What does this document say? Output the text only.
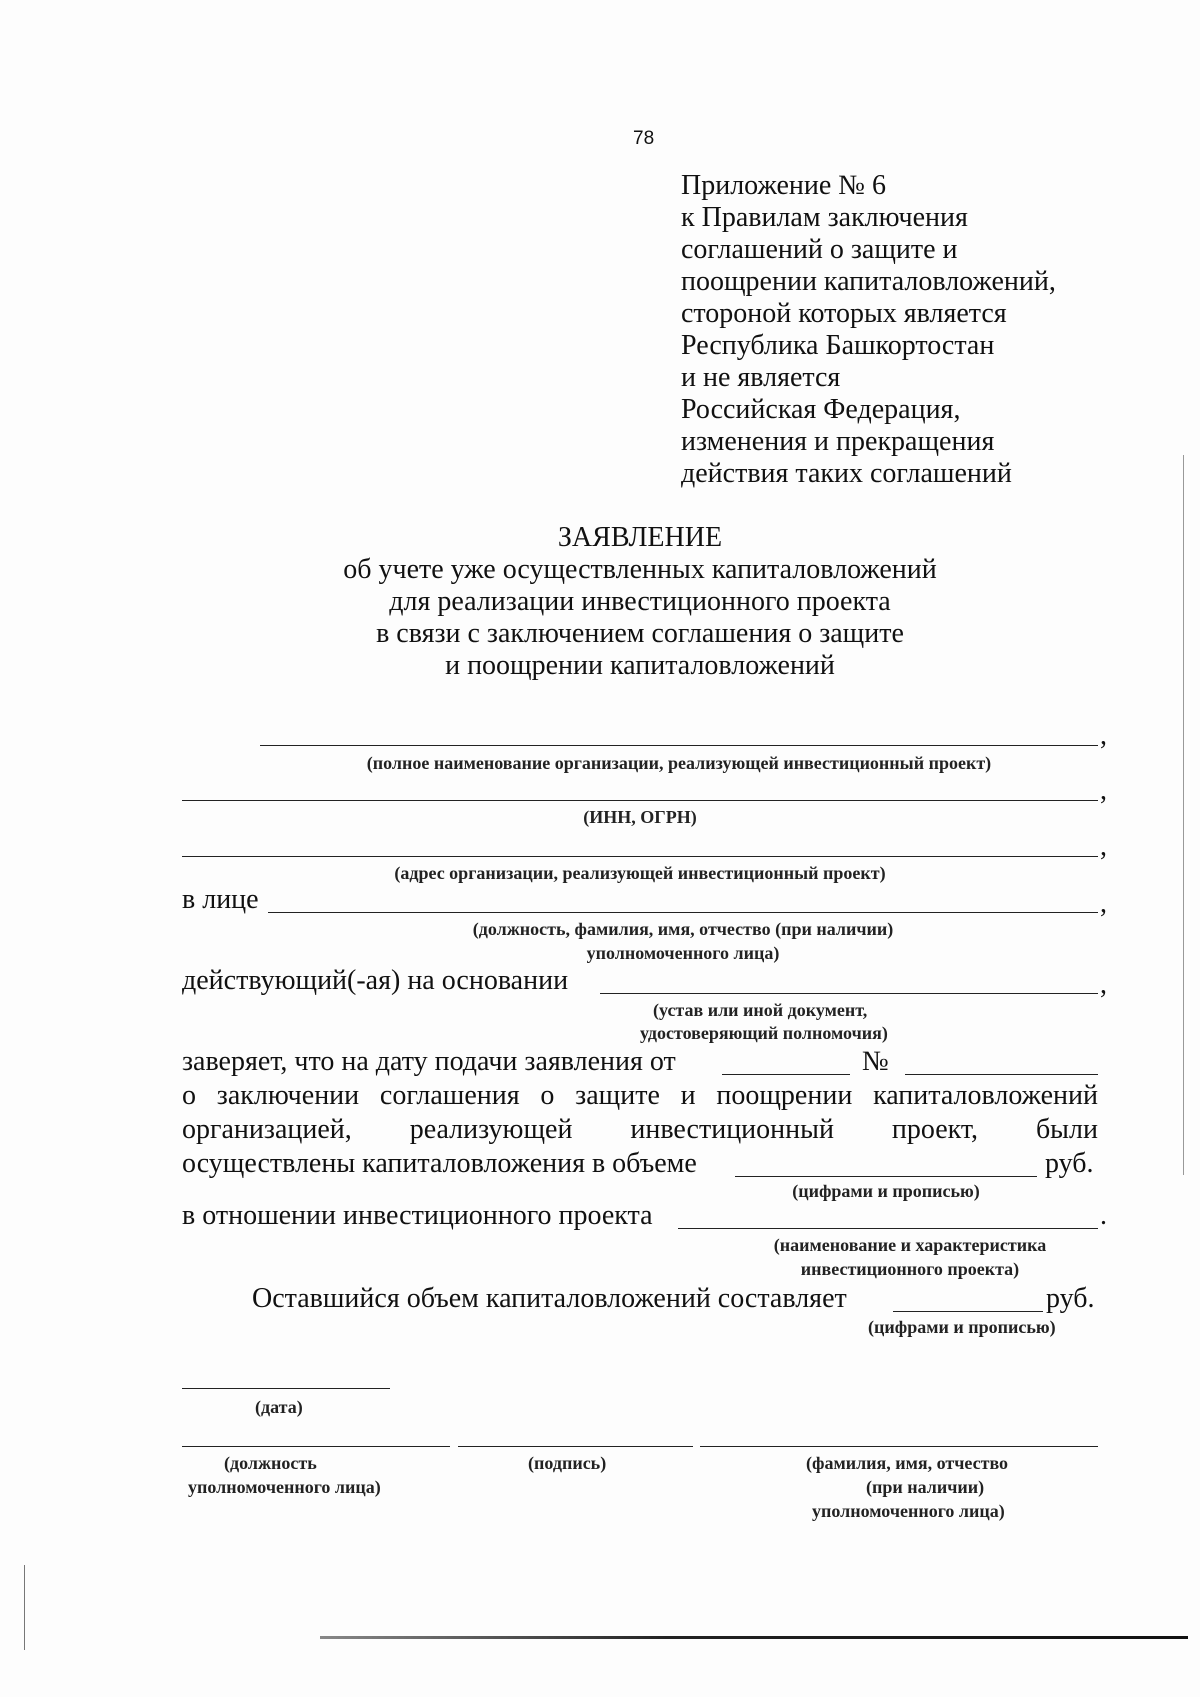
78
Приложение № 6
к Правилам заключения
соглашений о защите и
поощрении капиталовложений,
стороной которых является
Республика Башкортостан
и не является
Российская Федерация,
изменения и прекращения
действия таких соглашений
ЗАЯВЛЕНИЕ
об учете уже осуществленных капиталовложений
для реализации инвестиционного проекта
в связи с заключением соглашения о защите
и поощрении капиталовложений
,
(полное наименование организации, реализующей инвестиционный проект)
,
(ИНН, ОГРН)
,
(адрес организации, реализующей инвестиционный проект)
в лице	,
(должность, фамилия, имя, отчество (при наличии)
уполномоченного лица)
действующий(-ая) на основании	,
(устав или иной документ,
удостоверяющий полномочия)
заверяет, что на дату подачи заявления от	№
о заключении соглашения о защите и поощрении капиталовложений
организацией, реализующей инвестиционный проект, были
осуществлены капиталовложения в объеме	руб.
(цифрами и прописью)
в отношении инвестиционного проекта	.
(наименование и характеристика
инвестиционного проекта)
Оставшийся объем капиталовложений составляет	руб.
(цифрами и прописью)
(дата)
(должность
уполномоченного лица)
(подпись)	(фамилия, имя, отчество
(при наличии)
уполномоченного лица)
